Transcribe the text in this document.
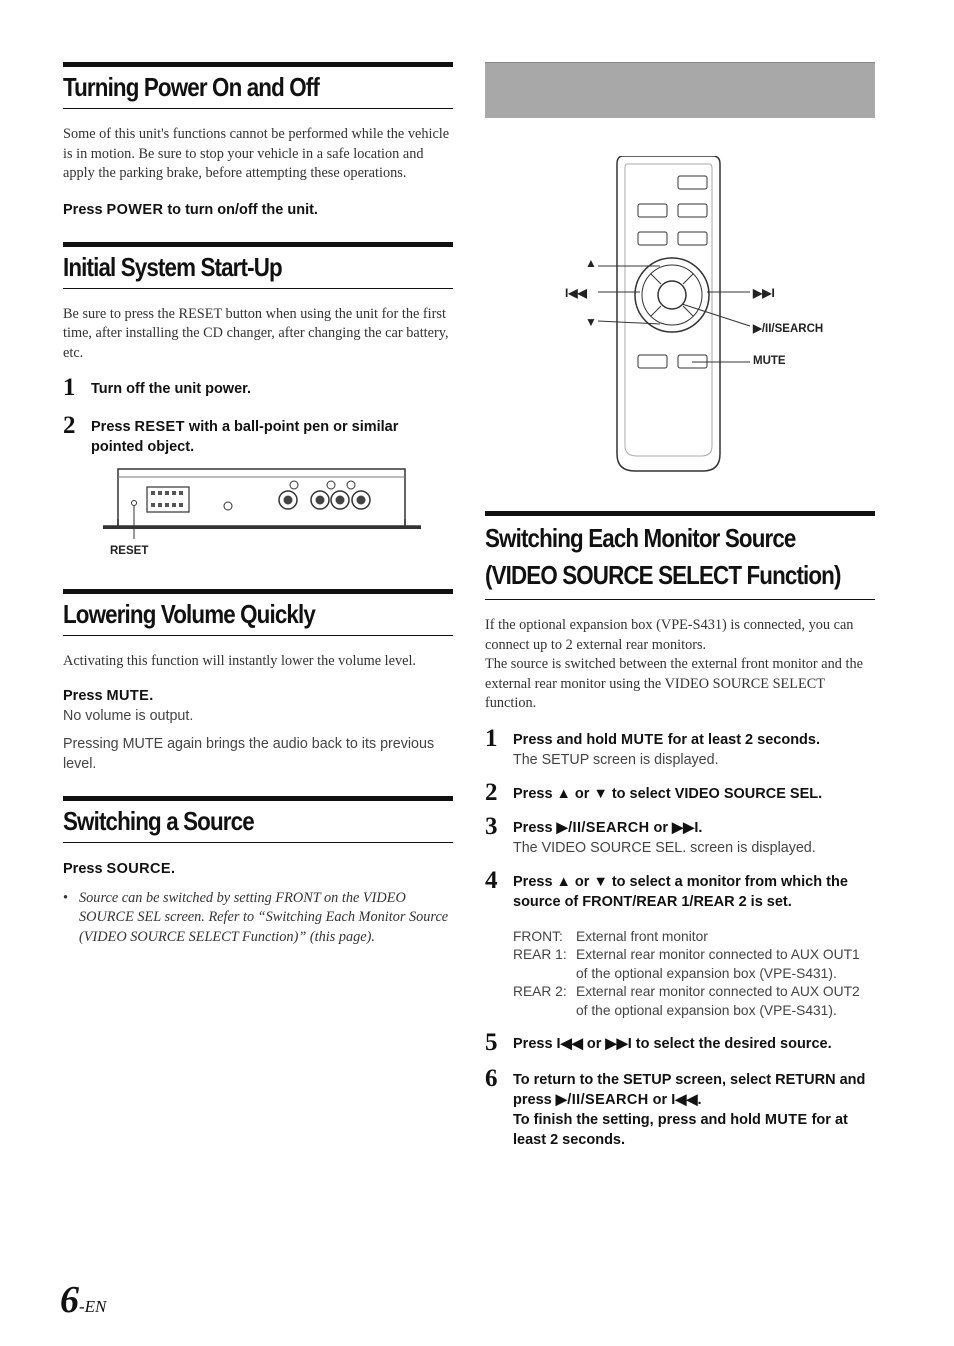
Turning Power On and Off
Some of this unit's functions cannot be performed while the vehicle is in motion. Be sure to stop your vehicle in a safe location and apply the parking brake, before attempting these operations.
Press POWER to turn on/off the unit.
Initial System Start-Up
Be sure to press the RESET button when using the unit for the first time, after installing the CD changer, after changing the car battery, etc.
1 Turn off the unit power.
2 Press RESET with a ball-point pen or similar pointed object.
RESET
Lowering Volume Quickly
Activating this function will instantly lower the volume level.
Press MUTE.
No volume is output.
Pressing MUTE again brings the audio back to its previous level.
Switching a Source
Press SOURCE.
• Source can be switched by setting FRONT on the VIDEO SOURCE SEL screen. Refer to “Switching Each Monitor Source (VIDEO SOURCE SELECT Function)” (this page).
▲
I◀◀
▼
▶▶I
▶/II/SEARCH
MUTE
Switching Each Monitor Source
(VIDEO SOURCE SELECT Function)
If the optional expansion box (VPE-S431) is connected, you can connect up to 2 external rear monitors.
The source is switched between the external front monitor and the external rear monitor using the VIDEO SOURCE SELECT function.
1 Press and hold MUTE for at least 2 seconds.
The SETUP screen is displayed.
2 Press ▲ or ▼ to select VIDEO SOURCE SEL.
3 Press ▶/II/SEARCH or ▶▶I.
The VIDEO SOURCE SEL. screen is displayed.
4 Press ▲ or ▼ to select a monitor from which the source of FRONT/REAR 1/REAR 2 is set.
FRONT: External front monitor
REAR 1: External rear monitor connected to AUX OUT1 of the optional expansion box (VPE-S431).
REAR 2: External rear monitor connected to AUX OUT2 of the optional expansion box (VPE-S431).
5 Press I◀◀ or ▶▶I to select the desired source.
6 To return to the SETUP screen, select RETURN and press ▶/II/SEARCH or I◀◀.
To finish the setting, press and hold MUTE for at least 2 seconds.
6-EN
